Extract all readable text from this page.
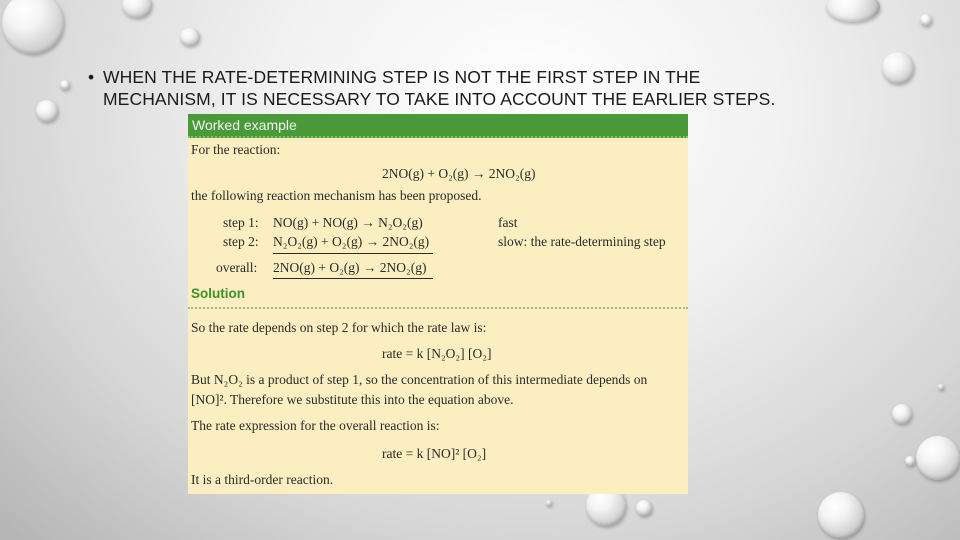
• WHEN THE RATE-DETERMINING STEP IS NOT THE FIRST STEP IN THE
MECHANISM, IT IS NECESSARY TO TAKE INTO ACCOUNT THE EARLIER STEPS.
Worked example
For the reaction:
2NO(g) + O₂(g) → 2NO₂(g)
the following reaction mechanism has been proposed.
step 1: NO(g) + NO(g) → N₂O₂(g)	fast
step 2: N₂O₂(g) + O₂(g) → 2NO₂(g)	slow: the rate-determining step
overall: 2NO(g) + O₂(g) → 2NO₂(g)
Solution
So the rate depends on step 2 for which the rate law is:
rate = k [N₂O₂] [O₂]
But N₂O₂ is a product of step 1, so the concentration of this intermediate depends on
[NO]². Therefore we substitute this into the equation above.
The rate expression for the overall reaction is:
rate = k [NO]² [O₂]
It is a third-order reaction.
